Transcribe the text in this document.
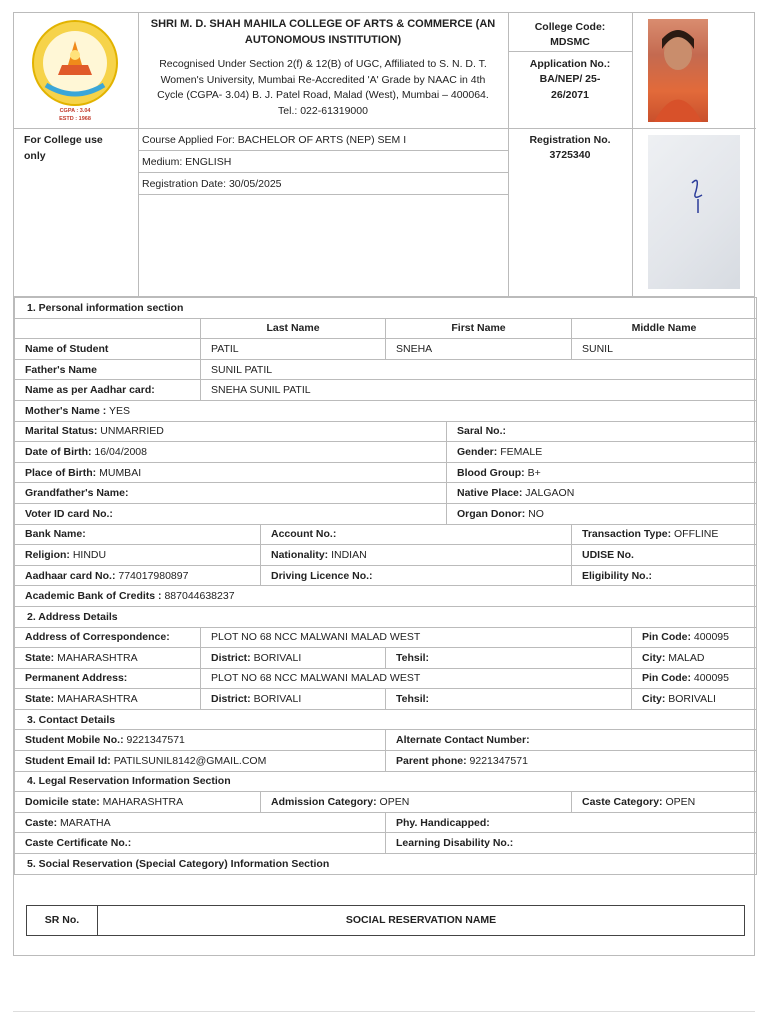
CGPA : 3.04
ESTD : 1968
SHRI M. D. SHAH MAHILA COLLEGE OF ARTS & COMMERCE (AN AUTONOMOUS INSTITUTION)
Recognised Under Section 2(f) & 12(B) of UGC, Affiliated to S. N. D. T. Women's University, Mumbai Re-Accredited 'A' Grade by NAAC in 4th Cycle (CGPA- 3.04) B. J. Patel Road, Malad (West), Mumbai – 400064. Tel.: 022-61319000
College Code:
MDSMC
Application No.:
BA/NEP/ 25-26/2071
For College use only
Course Applied For: BACHELOR OF ARTS (NEP) SEM I
Medium: ENGLISH
Registration Date: 30/05/2025
Registration No.
3725340
1. Personal information section						
	Last Name		First Name		Middle Name	
Name of Student	PATIL		SNEHA		SUNIL	
Father's Name	SUNIL PATIL					
Name as per Aadhar card:	SNEHA SUNIL PATIL					
Mother's Name : YES						
Marital Status: UNMARRIED				Saral No.:		
Date of Birth: 16/04/2008				Gender: FEMALE		
Place of Birth: MUMBAI				Blood Group: B+		
Grandfather's Name:				Native Place: JALGAON		
Voter ID card No.:				Organ Donor: NO		
Bank Name:		Account No.:			Transaction Type: OFFLINE	
Religion: HINDU		Nationality: INDIAN			UDISE No.	
Aadhaar card No.: 774017980897		Driving Licence No.:			Eligibility No.:	
Academic Bank of Credits : 887044638237						
2. Address Details						
Address of Correspondence:	PLOT NO 68 NCC MALWANI MALAD WEST					Pin Code: 400095
State: MAHARASHTRA	District: BORIVALI		Tehsil:			City: MALAD
Permanent Address:	PLOT NO 68 NCC MALWANI MALAD WEST					Pin Code: 400095
State: MAHARASHTRA	District: BORIVALI		Tehsil:			City: BORIVALI
3. Contact Details						
Student Mobile No.: 9221347571			Alternate Contact Number:			
Student Email Id: PATILSUNIL8142@GMAIL.COM			Parent phone: 9221347571			
4. Legal Reservation Information Section						
Domicile state: MAHARASHTRA		Admission Category: OPEN			Caste Category: OPEN	
Caste: MARATHA			Phy. Handicapped:			
Caste Certificate No.:			Learning Disability No.:			
5. Social Reservation (Special Category) Information Section						
SR No.	SOCIAL RESERVATION NAME
